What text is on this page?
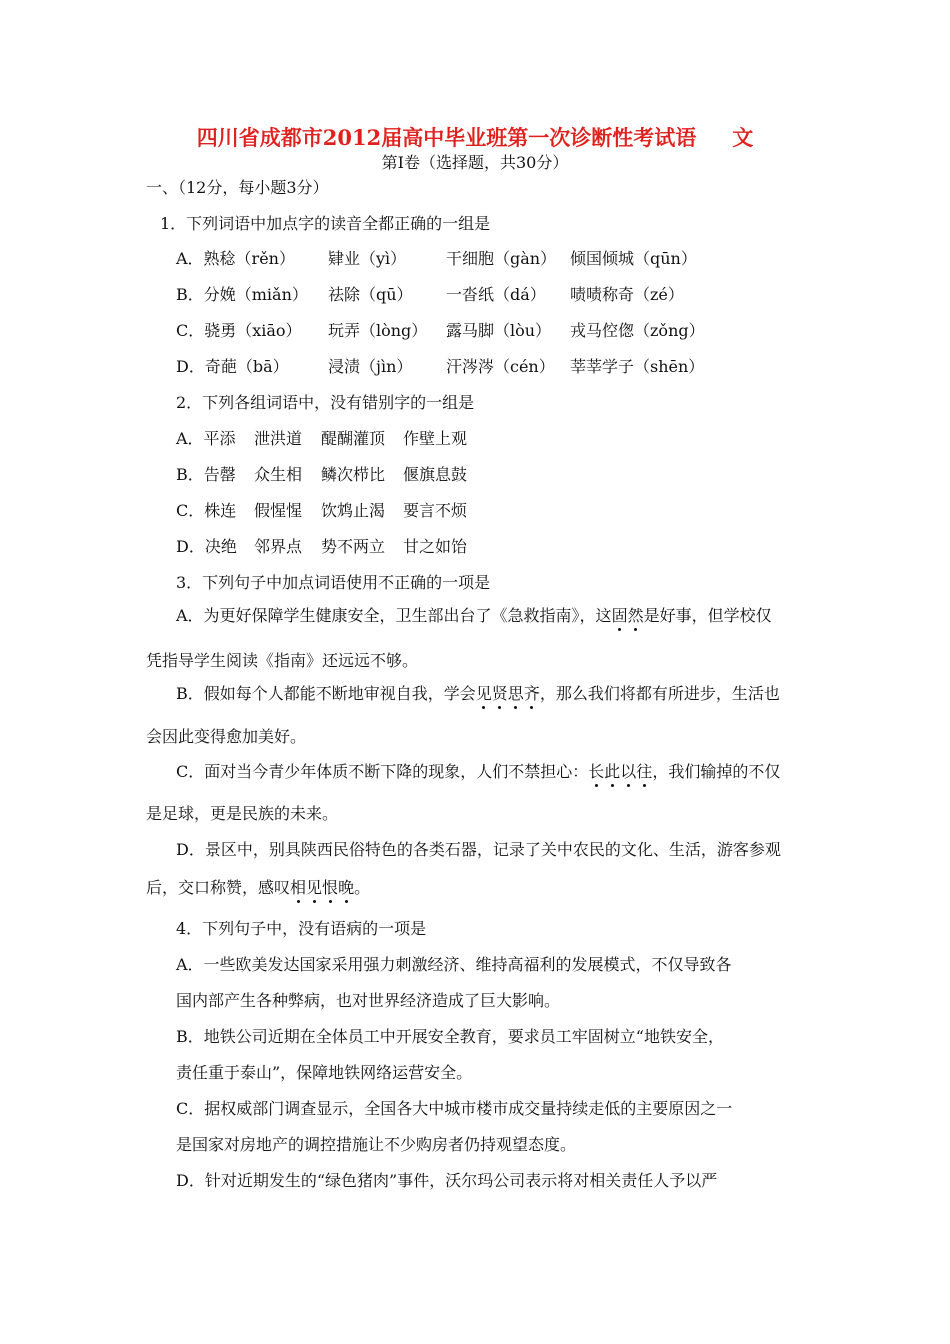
四川省成都市2012届高中毕业班第一次诊断性考试语 文
第Ⅰ卷（选择题，共30分）
一、（12分，每小题3分）
1．下列词语中加点字的读音全都正确的一组是
A．熟稔（rěn） 肄业（yì） 干细胞（gàn） 倾国倾城（qūn）
B．分娩（miǎn） 祛除（qū） 一沓纸（dá） 啧啧称奇（zé）
C．骁勇（xiāo） 玩弄（lòng） 露马脚（lòu） 戎马倥偬（zǒng）
D．奇葩（bā） 浸渍（jìn） 汗涔涔（cén） 莘莘学子（shēn）
2．下列各组词语中，没有错别字的一组是
A．平添 泄洪道 醍醐灌顶 作壁上观
B．告罄 众生相 鳞次栉比 偃旗息鼓
C．株连 假惺惺 饮鸩止渴 要言不烦
D．决绝 邻界点 势不两立 甘之如饴
3．下列句子中加点词语使用不正确的一项是
A．为更好保障学生健康安全，卫生部出台了《急救指南》，这固然是好事，但学校仅
凭指导学生阅读《指南》还远远不够。
B．假如每个人都能不断地审视自我，学会见贤思齐，那么我们将都有所进步，生活也
会因此变得愈加美好。
C．面对当今青少年体质不断下降的现象，人们不禁担心：长此以往，我们输掉的不仅
是足球，更是民族的未来。
D．景区中，别具陕西民俗特色的各类石器，记录了关中农民的文化、生活，游客参观
后，交口称赞，感叹相见恨晚。
4．下列句子中，没有语病的一项是
A．一些欧美发达国家采用强力刺激经济、维持高福利的发展模式，不仅导致各
国内部产生各种弊病，也对世界经济造成了巨大影响。
B．地铁公司近期在全体员工中开展安全教育，要求员工牢固树立“地铁安全，
责任重于泰山”，保障地铁网络运营安全。
C．据权威部门调查显示，全国各大中城市楼市成交量持续走低的主要原因之一
是国家对房地产的调控措施让不少购房者仍持观望态度。
D．针对近期发生的“绿色猪肉”事件，沃尔玛公司表示将对相关责任人予以严
